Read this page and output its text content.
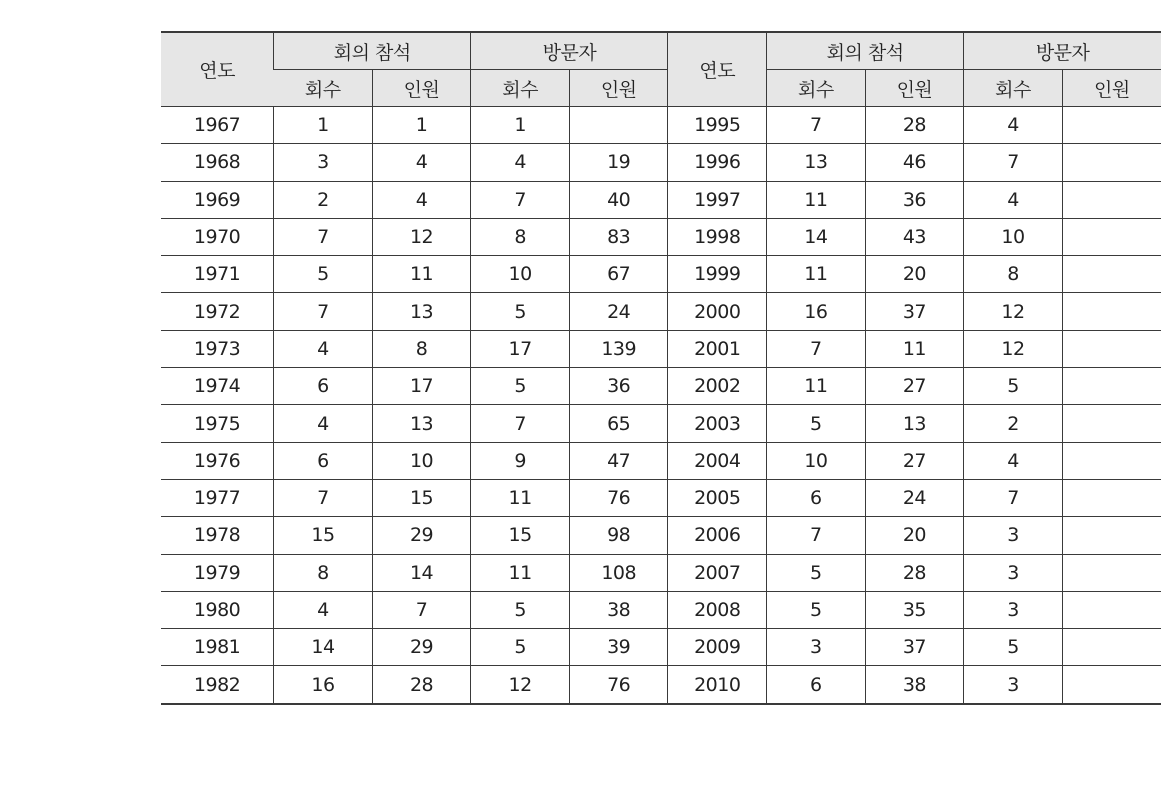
연도	회의 참석		방문자		연도	회의 참석		방문자	
	회수	인원	회수	인원		회수	인원	회수	인원
1967	1	1	1		1995	7	28	4	
1968	3	4	4	19	1996	13	46	7	
1969	2	4	7	40	1997	11	36	4	
1970	7	12	8	83	1998	14	43	10	
1971	5	11	10	67	1999	11	20	8	
1972	7	13	5	24	2000	16	37	12	
1973	4	8	17	139	2001	7	11	12	
1974	6	17	5	36	2002	11	27	5	
1975	4	13	7	65	2003	5	13	2	
1976	6	10	9	47	2004	10	27	4	
1977	7	15	11	76	2005	6	24	7	
1978	15	29	15	98	2006	7	20	3	
1979	8	14	11	108	2007	5	28	3	
1980	4	7	5	38	2008	5	35	3	
1981	14	29	5	39	2009	3	37	5	
1982	16	28	12	76	2010	6	38	3	
